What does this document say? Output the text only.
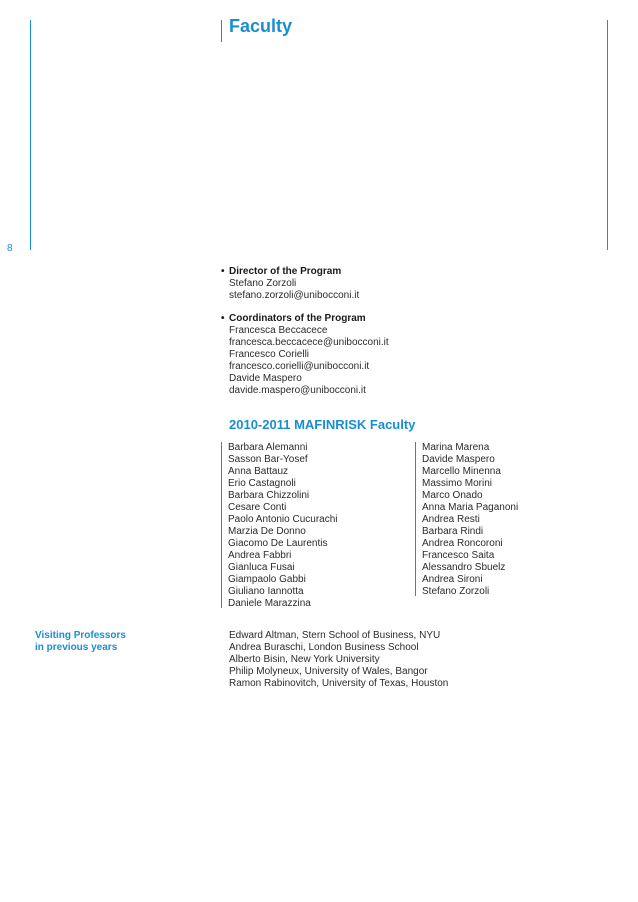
Faculty
8
• Director of the Program
Stefano Zorzoli
stefano.zorzoli@unibocconi.it
• Coordinators of the Program
Francesca Beccacece
francesca.beccacece@unibocconi.it
Francesco Corielli
francesco.corielli@unibocconi.it
Davide Maspero
davide.maspero@unibocconi.it
2010-2011 MAFINRISK Faculty
Barbara Alemanni
Sasson Bar-Yosef
Anna Battauz
Erio Castagnoli
Barbara Chizzolini
Cesare Conti
Paolo Antonio Cucurachi
Marzia De Donno
Giacomo De Laurentis
Andrea Fabbri
Gianluca Fusai
Giampaolo Gabbi
Giuliano Iannotta
Daniele Marazzina
Marina Marena
Davide Maspero
Marcello Minenna
Massimo Morini
Marco Onado
Anna Maria Paganoni
Andrea Resti
Barbara Rindi
Andrea Roncoroni
Francesco Saita
Alessandro Sbuelz
Andrea Sironi
Stefano Zorzoli
Visiting Professors
in previous years
Edward Altman, Stern School of Business, NYU
Andrea Buraschi, London Business School
Alberto Bisin, New York University
Philip Molyneux, University of Wales, Bangor
Ramon Rabinovitch, University of Texas, Houston
